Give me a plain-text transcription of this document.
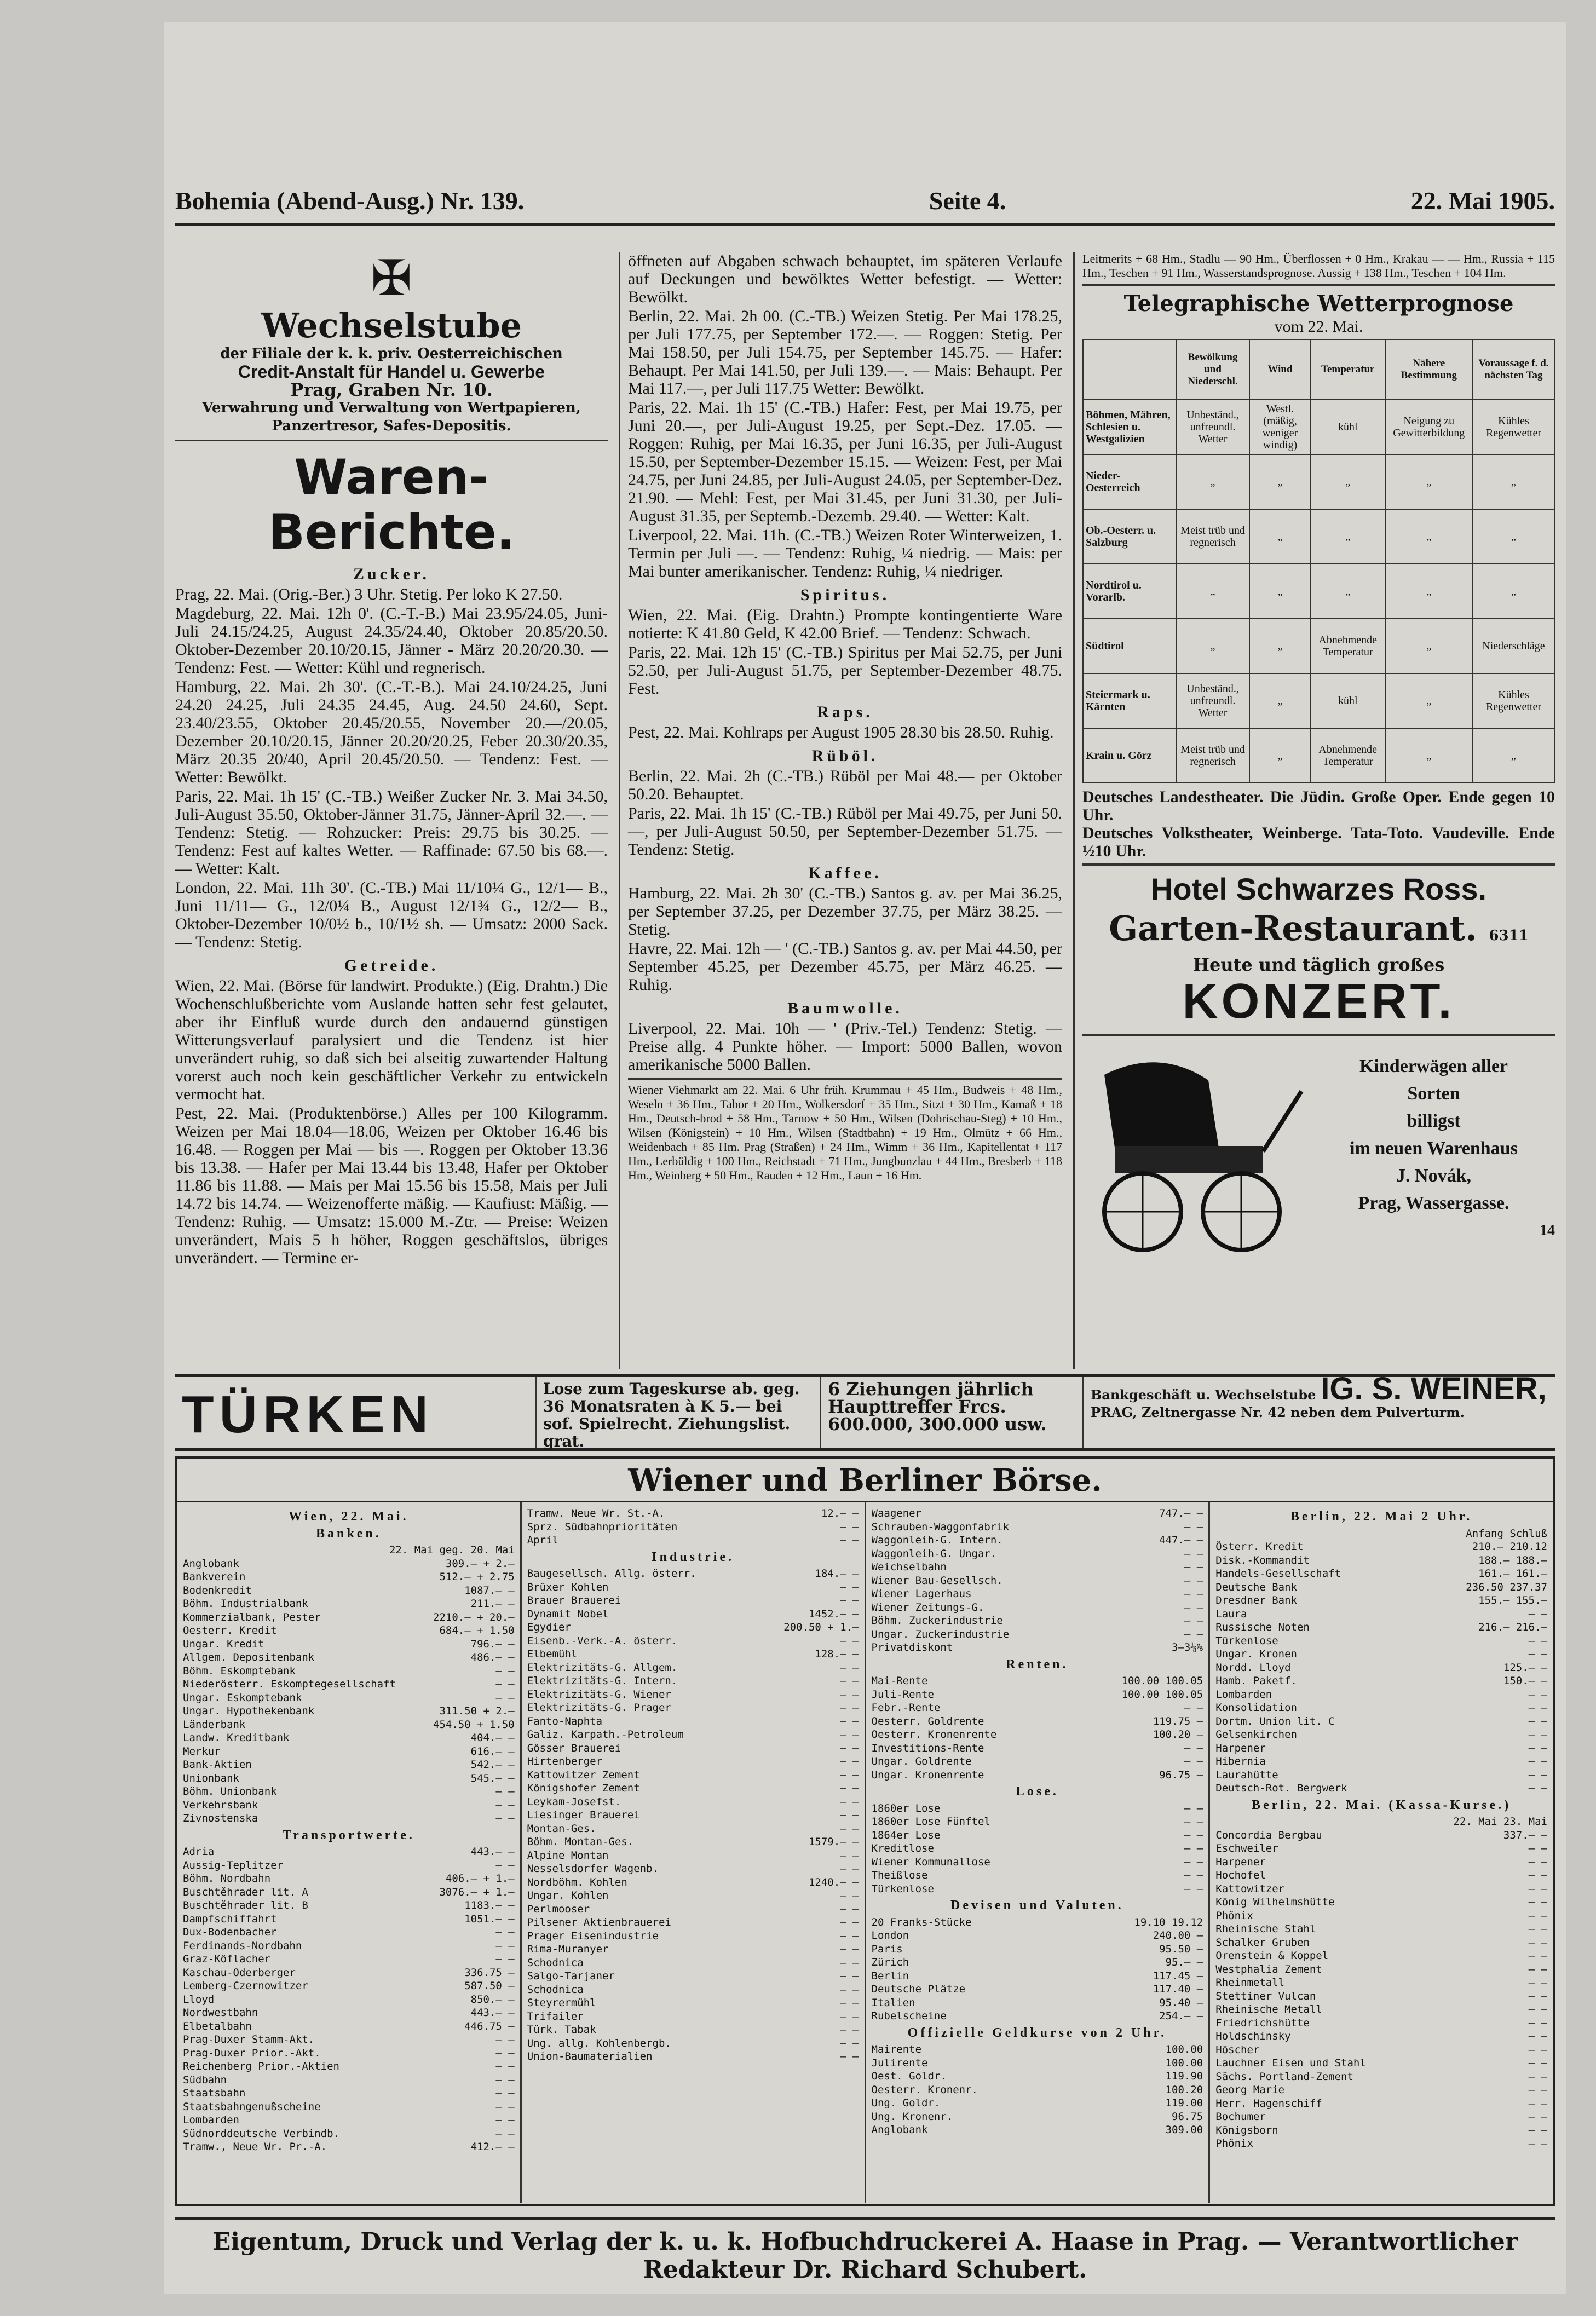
Bohemia (Abend-Ausg.) Nr. 139.	Seite 4.	22. Mai 1905.
✠
Wechselstube
der Filiale der k. k. priv. Oesterreichischen
Credit-Anstalt für Handel u. Gewerbe
Prag, Graben Nr. 10.
Verwahrung und Verwaltung von Wertpapieren, Panzertresor, Safes-Depositis.
Waren-Berichte.
Zucker.

Prag, 22. Mai. (Orig.-Ber.) 3 Uhr. Stetig. Per loko K 27.50.

Magdeburg, 22. Mai. 12h 0'. (C.-T.-B.) Mai 23.95/24.05, Juni-Juli 24.15/24.25, August 24.35/24.40, Oktober 20.85/20.50. Oktober-Dezember 20.10/20.15, Jänner - März 20.20/20.30. — Tendenz: Fest. — Wetter: Kühl und regnerisch.

Hamburg, 22. Mai. 2h 30'. (C.-T.-B.). Mai 24.10/24.25, Juni 24.20 24.25, Juli 24.35 24.45, Aug. 24.50 24.60, Sept. 23.40/23.55, Oktober 20.45/20.55, November 20.—/20.05, Dezember 20.10/20.15, Jänner 20.20/20.25, Feber 20.30/20.35, März 20.35 20/40, April 20.45/20.50. — Tendenz: Fest. — Wetter: Bewölkt.

Paris, 22. Mai. 1h 15' (C.-TB.) Weißer Zucker Nr. 3. Mai 34.50, Juli-August 35.50, Oktober-Jänner 31.75, Jänner-April 32.—. — Tendenz: Stetig. — Rohzucker: Preis: 29.75 bis 30.25. — Tendenz: Fest auf kaltes Wetter. — Raffinade: 67.50 bis 68.—. — Wetter: Kalt.

London, 22. Mai. 11h 30'. (C.-TB.) Mai 11/10¼ G., 12/1— B., Juni 11/11— G., 12/0¼ B., August 12/1¾ G., 12/2— B., Oktober-Dezember 10/0½ b., 10/1½ sh. — Umsatz: 2000 Sack. — Tendenz: Stetig.

Getreide.

Wien, 22. Mai. (Börse für landwirt. Produkte.) (Eig. Drahtn.) Die Wochenschlußberichte vom Auslande hatten sehr fest gelautet, aber ihr Einfluß wurde durch den andauernd günstigen Witterungsverlauf paralysiert und die Tendenz ist hier unverändert ruhig, so daß sich bei alseitig zuwartender Haltung vorerst auch noch kein geschäftlicher Verkehr zu entwickeln vermocht hat.

Pest, 22. Mai. (Produktenbörse.) Alles per 100 Kilogramm. Weizen per Mai 18.04—18.06, Weizen per Oktober 16.46 bis 16.48. — Roggen per Mai — bis —. Roggen per Oktober 13.36 bis 13.38. — Hafer per Mai 13.44 bis 13.48, Hafer per Oktober 11.86 bis 11.88. — Mais per Mai 15.56 bis 15.58, Mais per Juli 14.72 bis 14.74. — Weizenofferte mäßig. — Kaufiust: Mäßig. — Tendenz: Ruhig. — Umsatz: 15.000 M.-Ztr. — Preise: Weizen unverändert, Mais 5 h höher, Roggen geschäftslos, übriges unverändert. — Termine er-

öffneten auf Abgaben schwach behauptet, im späteren Verlaufe auf Deckungen und bewölktes Wetter befestigt. — Wetter: Bewölkt.

Berlin, 22. Mai. 2h 00. (C.-TB.) Weizen Stetig. Per Mai 178.25, per Juli 177.75, per September 172.—. — Roggen: Stetig. Per Mai 158.50, per Juli 154.75, per September 145.75. — Hafer: Behaupt. Per Mai 141.50, per Juli 139.—. — Mais: Behaupt. Per Mai 117.—, per Juli 117.75 Wetter: Bewölkt.

Paris, 22. Mai. 1h 15' (C.-TB.) Hafer: Fest, per Mai 19.75, per Juni 20.—, per Juli-August 19.25, per Sept.-Dez. 17.05. — Roggen: Ruhig, per Mai 16.35, per Juni 16.35, per Juli-August 15.50, per September-Dezember 15.15. — Weizen: Fest, per Mai 24.75, per Juni 24.85, per Juli-August 24.05, per September-Dez. 21.90. — Mehl: Fest, per Mai 31.45, per Juni 31.30, per Juli-August 31.35, per Septemb.-Dezemb. 29.40. — Wetter: Kalt.

Liverpool, 22. Mai. 11h. (C.-TB.) Weizen Roter Winterweizen, 1. Termin per Juli —. — Tendenz: Ruhig, ¼ niedrig. — Mais: per Mai bunter amerikanischer. Tendenz: Ruhig, ¼ niedriger.

Spiritus.

Wien, 22. Mai. (Eig. Drahtn.) Prompte kontingentierte Ware notierte: K 41.80 Geld, K 42.00 Brief. — Tendenz: Schwach.

Paris, 22. Mai. 12h 15' (C.-TB.) Spiritus per Mai 52.75, per Juni 52.50, per Juli-August 51.75, per September-Dezember 48.75. Fest.

Raps.

Pest, 22. Mai. Kohlraps per August 1905 28.30 bis 28.50. Ruhig.

Rüböl.

Berlin, 22. Mai. 2h (C.-TB.) Rüböl per Mai 48.— per Oktober 50.20. Behauptet.

Paris, 22. Mai. 1h 15' (C.-TB.) Rüböl per Mai 49.75, per Juni 50.—, per Juli-August 50.50, per September-Dezember 51.75. — Tendenz: Stetig.

Kaffee.

Hamburg, 22. Mai. 2h 30' (C.-TB.) Santos g. av. per Mai 36.25, per September 37.25, per Dezember 37.75, per März 38.25. — Stetig.

Havre, 22. Mai. 12h — ' (C.-TB.) Santos g. av. per Mai 44.50, per September 45.25, per Dezember 45.75, per März 46.25. — Ruhig.

Baumwolle.

Liverpool, 22. Mai. 10h — ' (Priv.-Tel.) Tendenz: Stetig. — Preise allg. 4 Punkte höher. — Import: 5000 Ballen, wovon amerikanische 5000 Ballen.

Wiener Viehmarkt am 22. Mai. 6 Uhr früh. Krummau + 45 Hm., Budweis + 48 Hm., Weseln + 36 Hm., Tabor + 20 Hm., Wolkersdorf + 35 Hm., Sitzt + 30 Hm., Kamaß + 18 Hm., Deutsch-brod + 58 Hm., Tarnow + 50 Hm., Wilsen (Dobrischau-Steg) + 10 Hm., Wilsen (Königstein) + 10 Hm., Wilsen (Stadtbahn) + 19 Hm., Olmütz + 66 Hm., Weidenbach + 85 Hm. Prag (Straßen) + 24 Hm., Wimm + 36 Hm., Kapitellentat + 117 Hm., Lerbüldig + 100 Hm., Reichstadt + 71 Hm., Jungbunzlau + 44 Hm., Bresberb + 118 Hm., Weinberg + 50 Hm., Rauden + 12 Hm., Laun + 16 Hm.

Leitmerits + 68 Hm., Stadlu — 90 Hm., Überflossen + 0 Hm., Krakau — — Hm., Russia + 115 Hm., Teschen + 91 Hm., Wasserstandsprognose. Aussig + 138 Hm., Teschen + 104 Hm.

Telegraphische Wetterprognose
vom 22. Mai.
	Bewölkung und Niederschl.	Wind	Temperatur	Nähere Bestimmung	Voraussage f. d. nächsten Tag
Böhmen, Mähren, Schlesien u. Westgalizien	Unbeständ., unfreundl. Wetter	Westl. (mäßig, weniger windig)	kühl	Neigung zu Gewitterbildung	Kühles Regenwetter
Nieder-Oesterreich	„	„	„	„	„
Ob.-Oesterr. u. Salzburg	Meist trüb und regnerisch	„	„	„	„
Nordtirol u. Vorarlb.	„	„	„	„	„
Südtirol	„	„	Abnehmende Temperatur	„	Niederschläge
Steiermark u. Kärnten	Unbeständ., unfreundl. Wetter	„	kühl	„	Kühles Regenwetter
Krain u. Görz	Meist trüb und regnerisch	„	Abnehmende Temperatur	„	„
Deutsches Landestheater. Die Jüdin. Große Oper. Ende gegen 10 Uhr.
Deutsches Volkstheater, Weinberge. Tata-Toto. Vaudeville. Ende ½10 Uhr.
Hotel Schwarzes Ross.
Garten-Restaurant. 6311
Heute und täglich großes
KONZERT.
Kinderwägen aller
Sorten
billigst
im neuen Warenhaus
J. Novák,
Prag, Wassergasse.
14
TÜRKEN	Lose zum Tageskurse ab. geg. 36 Monatsraten à K 5.— bei sof. Spielrecht. Ziehungslist. grat.
6 Ziehungen jährlich Haupttreffer Frcs. 600.000, 300.000 usw.
Bankgeschäft u. Wechselstube IG. S. WEINER,
PRAG, Zeltnergasse Nr. 42 neben dem Pulverturm.
Wiener und Berliner Börse.
Wien, 22. Mai.
Banken.
22. Mai geg. 20. Mai
Anglobank	309.— + 2.—
Bankverein	512.— + 2.75
Bodenkredit	1087.— —
Böhm. Industrialbank	211.— —
Kommerzialbank, Pester	2210.— + 20.—
Oesterr. Kredit	684.— + 1.50
Ungar. Kredit	796.— —
Allgem. Depositenbank	486.— —
Böhm. Eskomptebank	— —
Niederösterr. Eskomptegesellschaft	— —
Ungar. Eskomptebank	— —
Ungar. Hypothekenbank	311.50 + 2.—
Länderbank	454.50 + 1.50
Landw. Kreditbank	404.— —
Merkur	616.— —
Bank-Aktien	542.— —
Unionbank	545.— —
Böhm. Unionbank	— —
Verkehrsbank	— —
Zivnostenska	— —
Transportwerte.
Adria	443.— —
Aussig-Teplitzer	— —
Böhm. Nordbahn	406.— + 1.—
Buschtěhrader lit. A	3076.— + 1.—
Buschtěhrader lit. B	1183.— —
Dampfschiffahrt	1051.— —
Dux-Bodenbacher	— —
Ferdinands-Nordbahn	— —
Graz-Köflacher	— —
Kaschau-Oderberger	336.75 —
Lemberg-Czernowitzer	587.50 —
Lloyd	850.— —
Nordwestbahn	443.— —
Elbetalbahn	446.75 —
Prag-Duxer Stamm-Akt.	— —
Prag-Duxer Prior.-Akt.	— —
Reichenberg Prior.-Aktien	— —
Südbahn	— —
Staatsbahn	— —
Staatsbahngenußscheine	— —
Lombarden	— —
Südnorddeutsche Verbindb.	— —
Tramw., Neue Wr. Pr.-A.	412.— —
Tramw. Neue Wr. St.-A.	12.— —
Sprz. Südbahnprioritäten	— —
April	— —
Industrie.
Baugesellsch. Allg. österr.	184.— —
Brüxer Kohlen	— —
Brauer Brauerei	— —
Dynamit Nobel	1452.— —
Egydier	200.50 + 1.—
Eisenb.-Verk.-A. österr.	— —
Elbemühl	128.— —
Elektrizitäts-G. Allgem.	— —
Elektrizitäts-G. Intern.	— —
Elektrizitäts-G. Wiener	— —
Elektrizitäts-G. Prager	— —
Fanto-Naphta	— —
Galiz. Karpath.-Petroleum	— —
Gösser Brauerei	— —
Hirtenberger	— —
Kattowitzer Zement	— —
Königshofer Zement	— —
Leykam-Josefst.	— —
Liesinger Brauerei	— —
Montan-Ges.	— —
Böhm. Montan-Ges.	1579.— —
Alpine Montan	— —
Nesselsdorfer Wagenb.	— —
Nordböhm. Kohlen	1240.— —
Ungar. Kohlen	— —
Perlmooser	— —
Pilsener Aktienbrauerei	— —
Prager Eisenindustrie	— —
Rima-Muranyer	— —
Schodnica	— —
Salgo-Tarjaner	— —
Schodnica	— —
Steyrermühl	— —
Trifailer	— —
Türk. Tabak	— —
Ung. allg. Kohlenbergb.	— —
Union-Baumaterialien	— —
Waagener	747.— —
Schrauben-Waggonfabrik	— —
Waggonleih-G. Intern.	447.— —
Waggonleih-G. Ungar.	— —
Weichselbahn	— —
Wiener Bau-Gesellsch.	— —
Wiener Lagerhaus	— —
Wiener Zeitungs-G.	— —
Böhm. Zuckerindustrie	— —
Ungar. Zuckerindustrie	— —
Privatdiskont	3—3⅛%
Renten.
Mai-Rente	100.00 100.05
Juli-Rente	100.00 100.05
Febr.-Rente	— —
Oesterr. Goldrente	119.75 —
Oesterr. Kronenrente	100.20 —
Investitions-Rente	— —
Ungar. Goldrente	— —
Ungar. Kronenrente	96.75 —
Lose.
1860er Lose	— —
1860er Lose Fünftel	— —
1864er Lose	— —
Kreditlose	— —
Wiener Kommunallose	— —
Theißlose	— —
Türkenlose	— —
Devisen und Valuten.
20 Franks-Stücke	19.10 19.12
London	240.00 —
Paris	95.50 —
Zürich	95.— —
Berlin	117.45 —
Deutsche Plätze	117.40 —
Italien	95.40 —
Rubelscheine	254.— —
Offizielle Geldkurse von 2 Uhr.
Mairente	100.00
Julirente	100.00
Oest. Goldr.	119.90
Oesterr. Kronenr.	100.20
Ung. Goldr.	119.00
Ung. Kronenr.	96.75
Anglobank	309.00
Berlin, 22. Mai 2 Uhr.
Anfang Schluß
Österr. Kredit	210.— 210.12
Disk.-Kommandit	188.— 188.—
Handels-Gesellschaft	161.— 161.—
Deutsche Bank	236.50 237.37
Dresdner Bank	155.— 155.—
Laura	— —
Russische Noten	216.— 216.—
Türkenlose	— —
Ungar. Kronen	— —
Nordd. Lloyd	125.— —
Hamb. Paketf.	150.— —
Lombarden	— —
Konsolidation	— —
Dortm. Union lit. C	— —
Gelsenkirchen	— —
Harpener	— —
Hibernia	— —
Laurahütte	— —
Deutsch-Rot. Bergwerk	— —
Berlin, 22. Mai. (Kassa-Kurse.)
22. Mai 23. Mai
Concordia Bergbau	337.— —
Eschweiler	— —
Harpener	— —
Hochofel	— —
Kattowitzer	— —
König Wilhelmshütte	— —
Phönix	— —
Rheinische Stahl	— —
Schalker Gruben	— —
Orenstein & Koppel	— —
Westphalia Zement	— —
Rheinmetall	— —
Stettiner Vulcan	— —
Rheinische Metall	— —
Friedrichshütte	— —
Holdschinsky	— —
Höscher	— —
Lauchner Eisen und Stahl	— —
Sächs. Portland-Zement	— —
Georg Marie	— —
Herr. Hagenschiff	— —
Bochumer	— —
Königsborn	— —
Phönix	— —
Eigentum, Druck und Verlag der k. u. k. Hofbuchdruckerei A. Haase in Prag. — Verantwortlicher Redakteur Dr. Richard Schubert.
